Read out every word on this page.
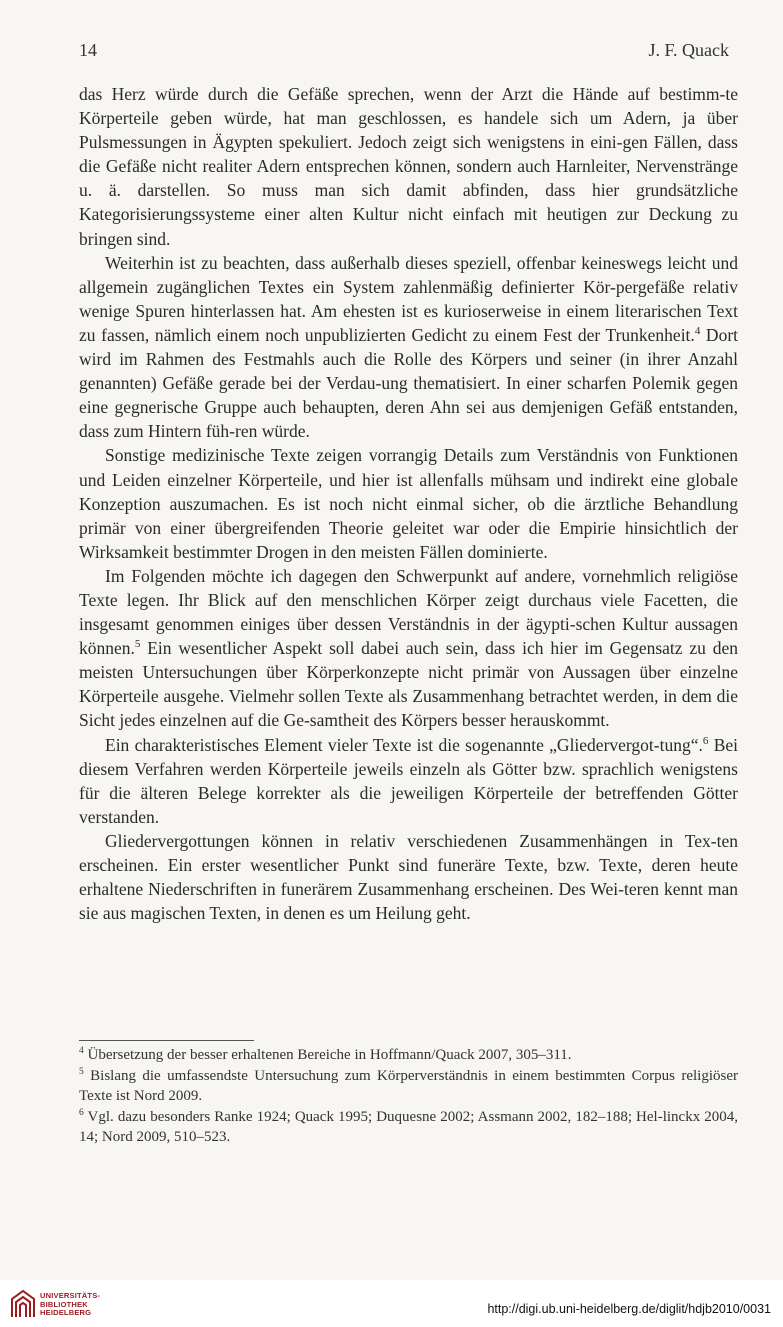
14	J. F. Quack

das Herz würde durch die Gefäße sprechen, wenn der Arzt die Hände auf bestimm-te Körperteile geben würde, hat man geschlossen, es handele sich um Adern, ja über Pulsmessungen in Ägypten spekuliert. Jedoch zeigt sich wenigstens in eini-gen Fällen, dass die Gefäße nicht realiter Adern entsprechen können, sondern auch Harnleiter, Nervenstränge u. ä. darstellen. So muss man sich damit abfinden, dass hier grundsätzliche Kategorisierungssysteme einer alten Kultur nicht einfach mit heutigen zur Deckung zu bringen sind.

Weiterhin ist zu beachten, dass außerhalb dieses speziell, offenbar keineswegs leicht und allgemein zugänglichen Textes ein System zahlenmäßig definierter Kör-pergefäße relativ wenige Spuren hinterlassen hat. Am ehesten ist es kurioserweise in einem literarischen Text zu fassen, nämlich einem noch unpublizierten Gedicht zu einem Fest der Trunkenheit.$^4$ Dort wird im Rahmen des Festmahls auch die Rolle des Körpers und seiner (in ihrer Anzahl genannten) Gefäße gerade bei der Verdau-ung thematisiert. In einer scharfen Polemik gegen eine gegnerische Gruppe auch behaupten, deren Ahn sei aus demjenigen Gefäß entstanden, dass zum Hintern füh-ren würde.

Sonstige medizinische Texte zeigen vorrangig Details zum Verständnis von Funktionen und Leiden einzelner Körperteile, und hier ist allenfalls mühsam und indirekt eine globale Konzeption auszumachen. Es ist noch nicht einmal sicher, ob die ärztliche Behandlung primär von einer übergreifenden Theorie geleitet war oder die Empirie hinsichtlich der Wirksamkeit bestimmter Drogen in den meisten Fällen dominierte.

Im Folgenden möchte ich dagegen den Schwerpunkt auf andere, vornehmlich religiöse Texte legen. Ihr Blick auf den menschlichen Körper zeigt durchaus viele Facetten, die insgesamt genommen einiges über dessen Verständnis in der ägypti-schen Kultur aussagen können.$^5$ Ein wesentlicher Aspekt soll dabei auch sein, dass ich hier im Gegensatz zu den meisten Untersuchungen über Körperkonzepte nicht primär von Aussagen über einzelne Körperteile ausgehe. Vielmehr sollen Texte als Zusammenhang betrachtet werden, in dem die Sicht jedes einzelnen auf die Ge-samtheit des Körpers besser herauskommt.

Ein charakteristisches Element vieler Texte ist die sogenannte „Gliedervergot-tung“.$^6$ Bei diesem Verfahren werden Körperteile jeweils einzeln als Götter bzw. sprachlich wenigstens für die älteren Belege korrekter als die jeweiligen Körperteile der betreffenden Götter verstanden.

Gliedervergottungen können in relativ verschiedenen Zusammenhängen in Tex-ten erscheinen. Ein erster wesentlicher Punkt sind funeräre Texte, bzw. Texte, deren heute erhaltene Niederschriften in funerärem Zusammenhang erscheinen. Des Wei-teren kennt man sie aus magischen Texten, in denen es um Heilung geht.

$^4$ Übersetzung der besser erhaltenen Bereiche in Hoffmann/Quack 2007, 305–311.
$^5$ Bislang die umfassendste Untersuchung zum Körperverständnis in einem bestimmten Corpus religiöser Texte ist Nord 2009.
$^6$ Vgl. dazu besonders Ranke 1924; Quack 1995; Duquesne 2002; Assmann 2002, 182–188; Hel-linckx 2004, 14; Nord 2009, 510–523.
UNIVERSITÄTS-
BIBLIOTHEK
HEIDELBERG	http://digi.ub.uni-heidelberg.de/diglit/hdjb2010/0031
